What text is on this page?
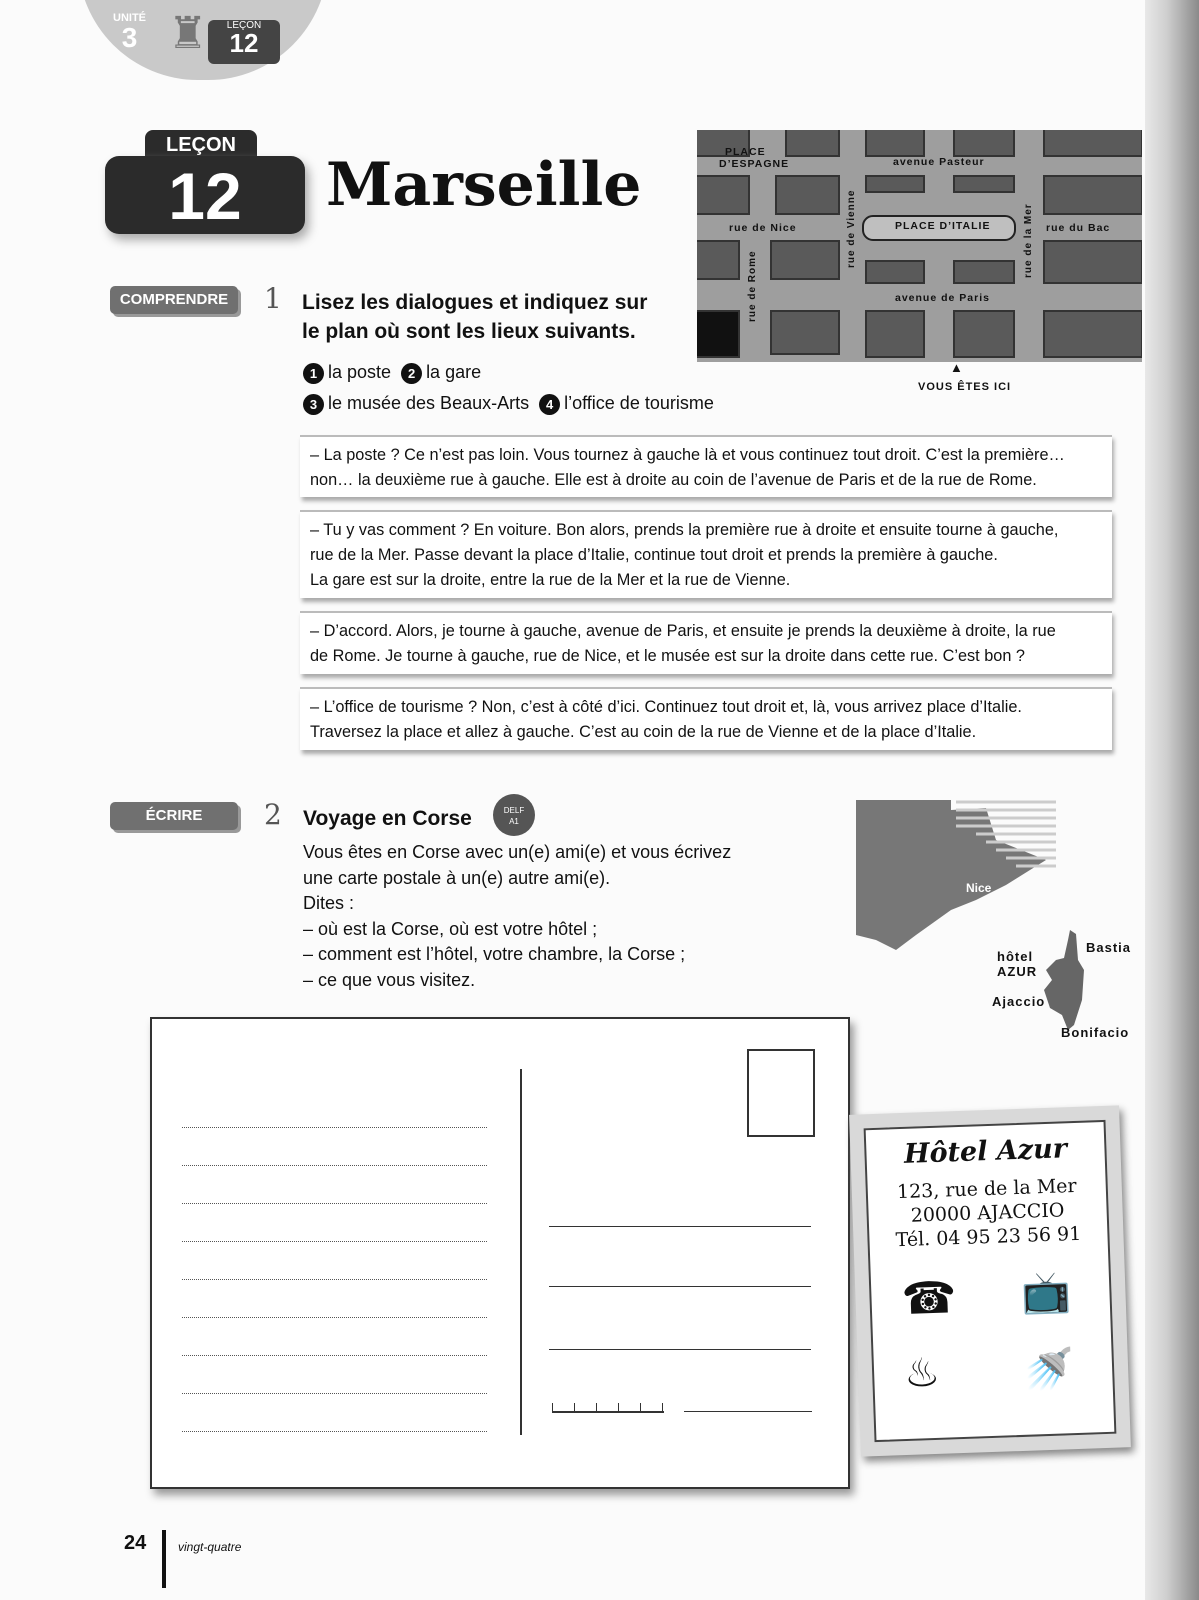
UNITÉ
3 ♜	LEÇON
12
LEÇON
12	Marseille	PLACE
D’ESPAGNE	avenue Pasteur
rue de Nice	PLACE D’ITALIE	rue du Bac
rue de Vienne
rue de Rome
rue de la Mer
avenue de Paris
▲
VOUS ÊTES ICI
COMPRENDRE	1 Lisez les dialogues et indiquez sur
le plan où sont les lieux suivants.
1 la poste 2 la gare
3 le musée des Beaux-Arts 4 l’office de tourisme
– La poste ? Ce n’est pas loin. Vous tournez à gauche là et vous continuez tout droit. C’est la première…
non… la deuxième rue à gauche. Elle est à droite au coin de l’avenue de Paris et de la rue de Rome.
– Tu y vas comment ? En voiture. Bon alors, prends la première rue à droite et ensuite tourne à gauche,
rue de la Mer. Passe devant la place d’Italie, continue tout droit et prends la première à gauche.
La gare est sur la droite, entre la rue de la Mer et la rue de Vienne.
– D’accord. Alors, je tourne à gauche, avenue de Paris, et ensuite je prends la deuxième à droite, la rue
de Rome. Je tourne à gauche, rue de Nice, et le musée est sur la droite dans cette rue. C’est bon ?
– L’office de tourisme ? Non, c’est à côté d’ici. Continuez tout droit et, là, vous arrivez place d’Italie.
Traversez la place et allez à gauche. C’est au coin de la rue de Vienne et de la place d’Italie.
ÉCRIRE	2 Voyage en Corse	DELF
A1
Vous êtes en Corse avec un(e) ami(e) et vous écrivez
une carte postale à un(e) autre ami(e).
Dites :
– où est la Corse, où est votre hôtel ;
– comment est l’hôtel, votre chambre, la Corse ;
– ce que vous visitez.
Nice
Bastia
hôtel
AZUR
Ajaccio
Bonifacio
Hôtel Azur
123, rue de la Mer
20000 AJACCIO
Tél. 04 95 23 56 91
☎ 📺
♨ 🚿
24	vingt-quatre
